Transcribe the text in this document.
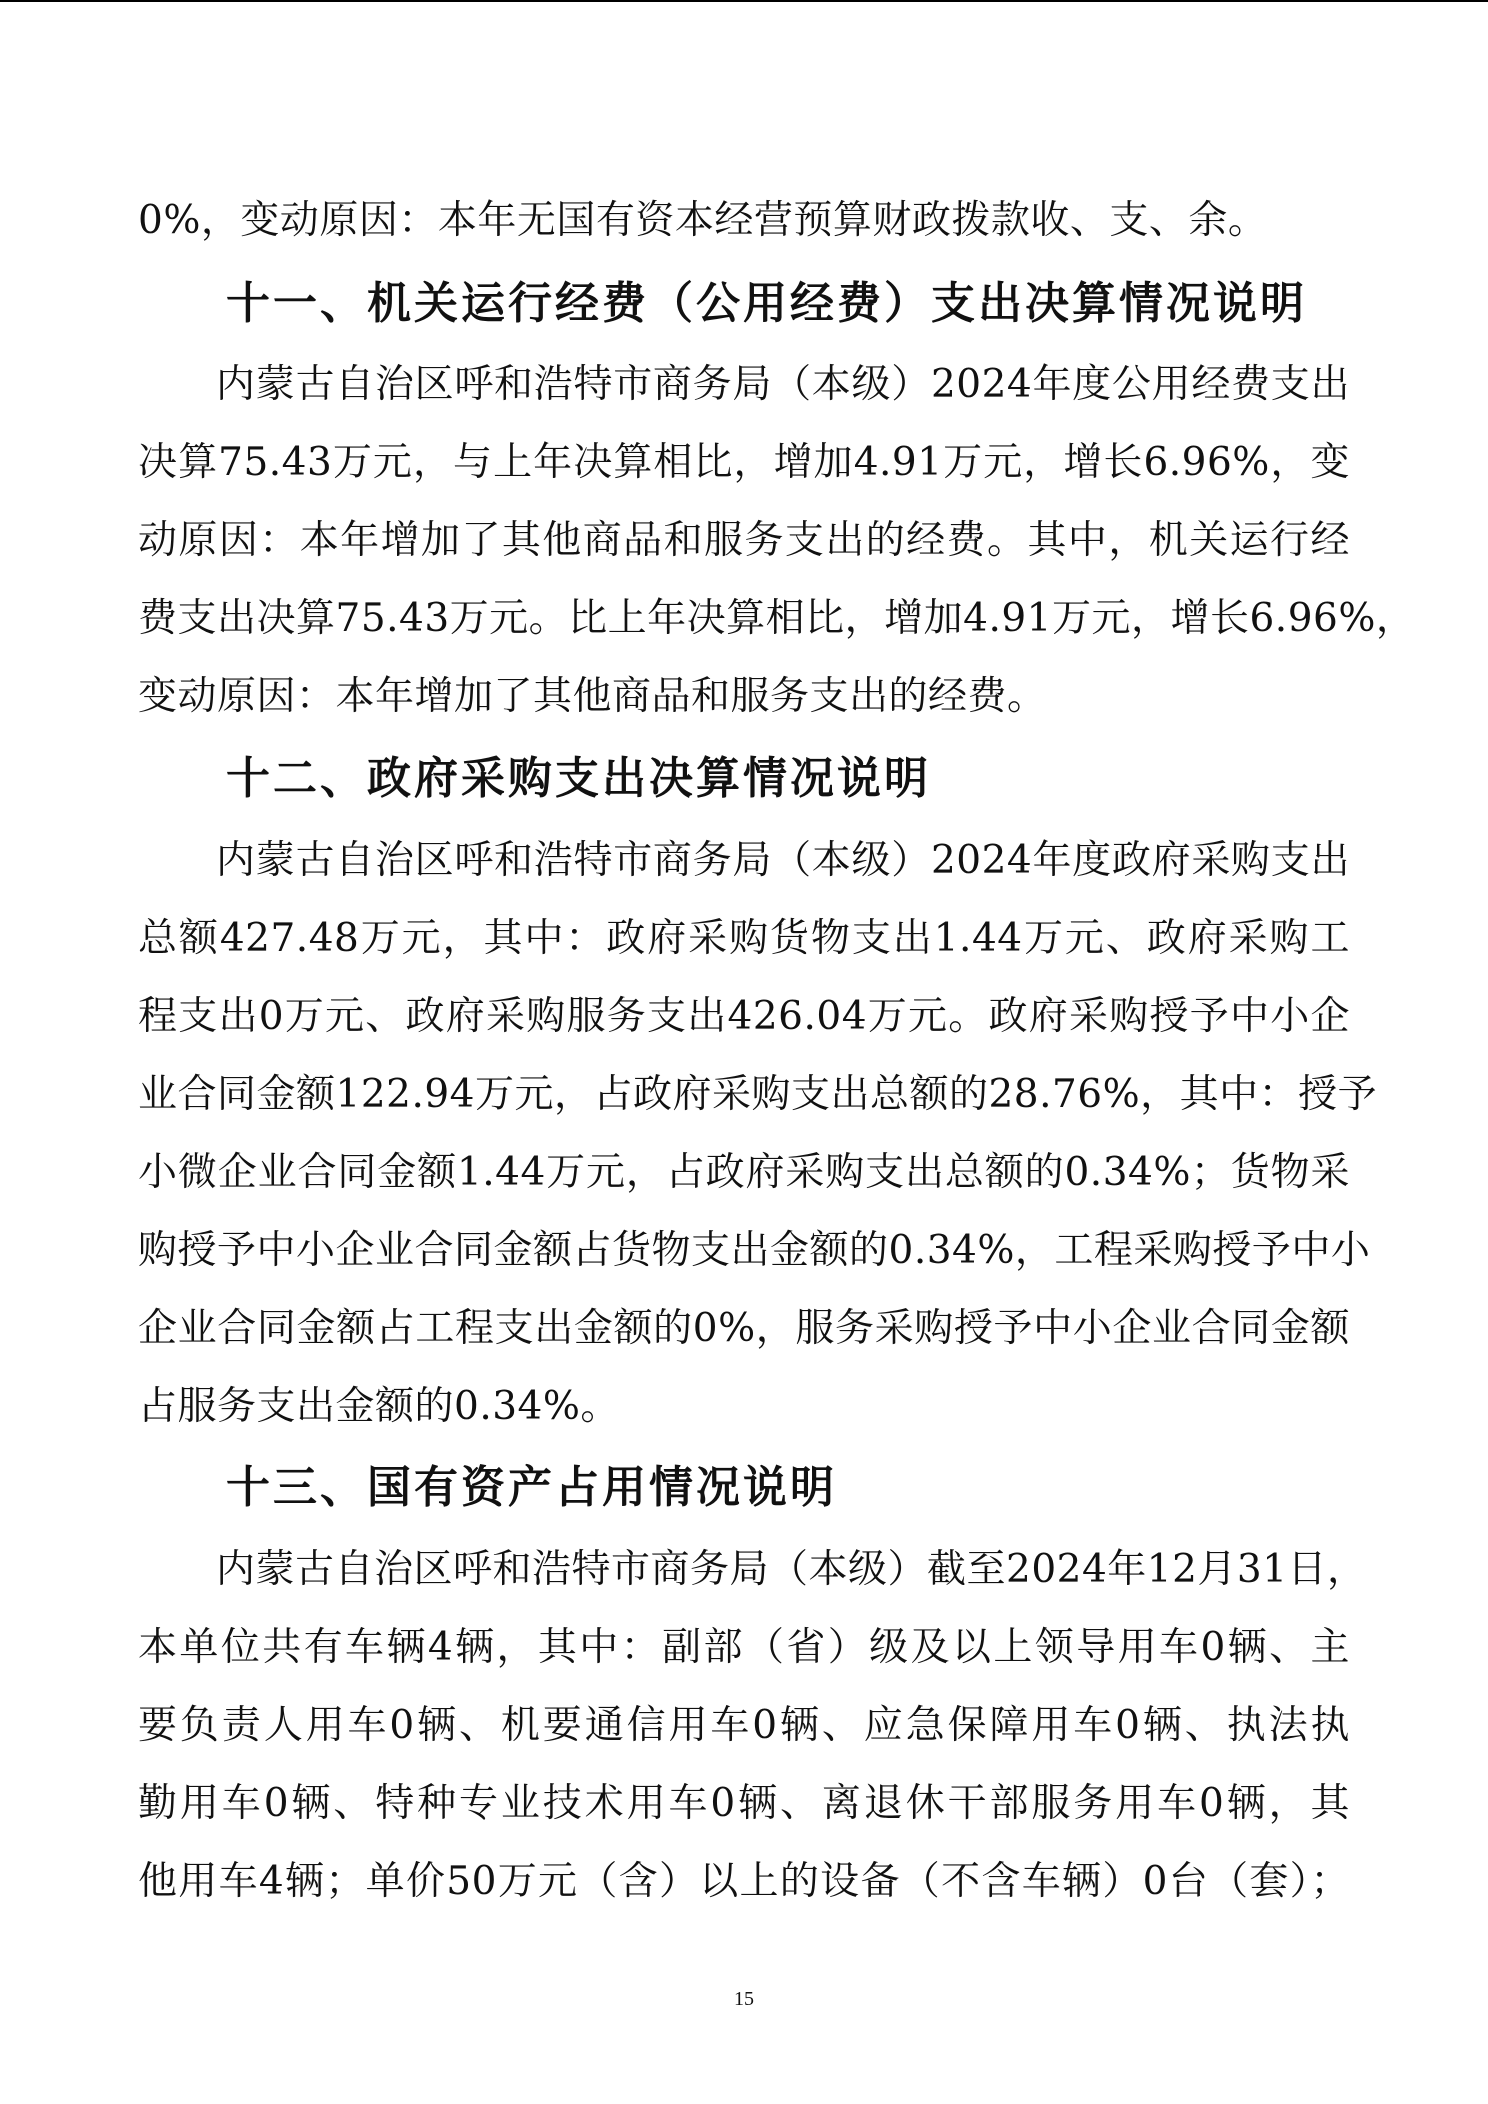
0%，变动原因：本年无国有资本经营预算财政拨款收、支、余。
十一、机关运行经费（公用经费）支出决算情况说明
内蒙古自治区呼和浩特市商务局（本级）2024年度公用经费支出
决算75.43万元，与上年决算相比，增加4.91万元，增长6.96%，变
动原因：本年增加了其他商品和服务支出的经费。其中，机关运行经
费支出决算75.43万元。比上年决算相比，增加4.91万元，增长6.96%，
变动原因：本年增加了其他商品和服务支出的经费。
十二、政府采购支出决算情况说明
内蒙古自治区呼和浩特市商务局（本级）2024年度政府采购支出
总额427.48万元，其中：政府采购货物支出1.44万元、政府采购工
程支出0万元、政府采购服务支出426.04万元。政府采购授予中小企
业合同金额122.94万元，占政府采购支出总额的28.76%，其中：授予
小微企业合同金额1.44万元，占政府采购支出总额的0.34%；货物采
购授予中小企业合同金额占货物支出金额的0.34%，工程采购授予中小
企业合同金额占工程支出金额的0%，服务采购授予中小企业合同金额
占服务支出金额的0.34%。
十三、国有资产占用情况说明
内蒙古自治区呼和浩特市商务局（本级）截至2024年12月31日，
本单位共有车辆4辆，其中：副部（省）级及以上领导用车0辆、主
要负责人用车0辆、机要通信用车0辆、应急保障用车0辆、执法执
勤用车0辆、特种专业技术用车0辆、离退休干部服务用车0辆，其
他用车4辆；单价50万元（含）以上的设备（不含车辆）0台（套）；
15
